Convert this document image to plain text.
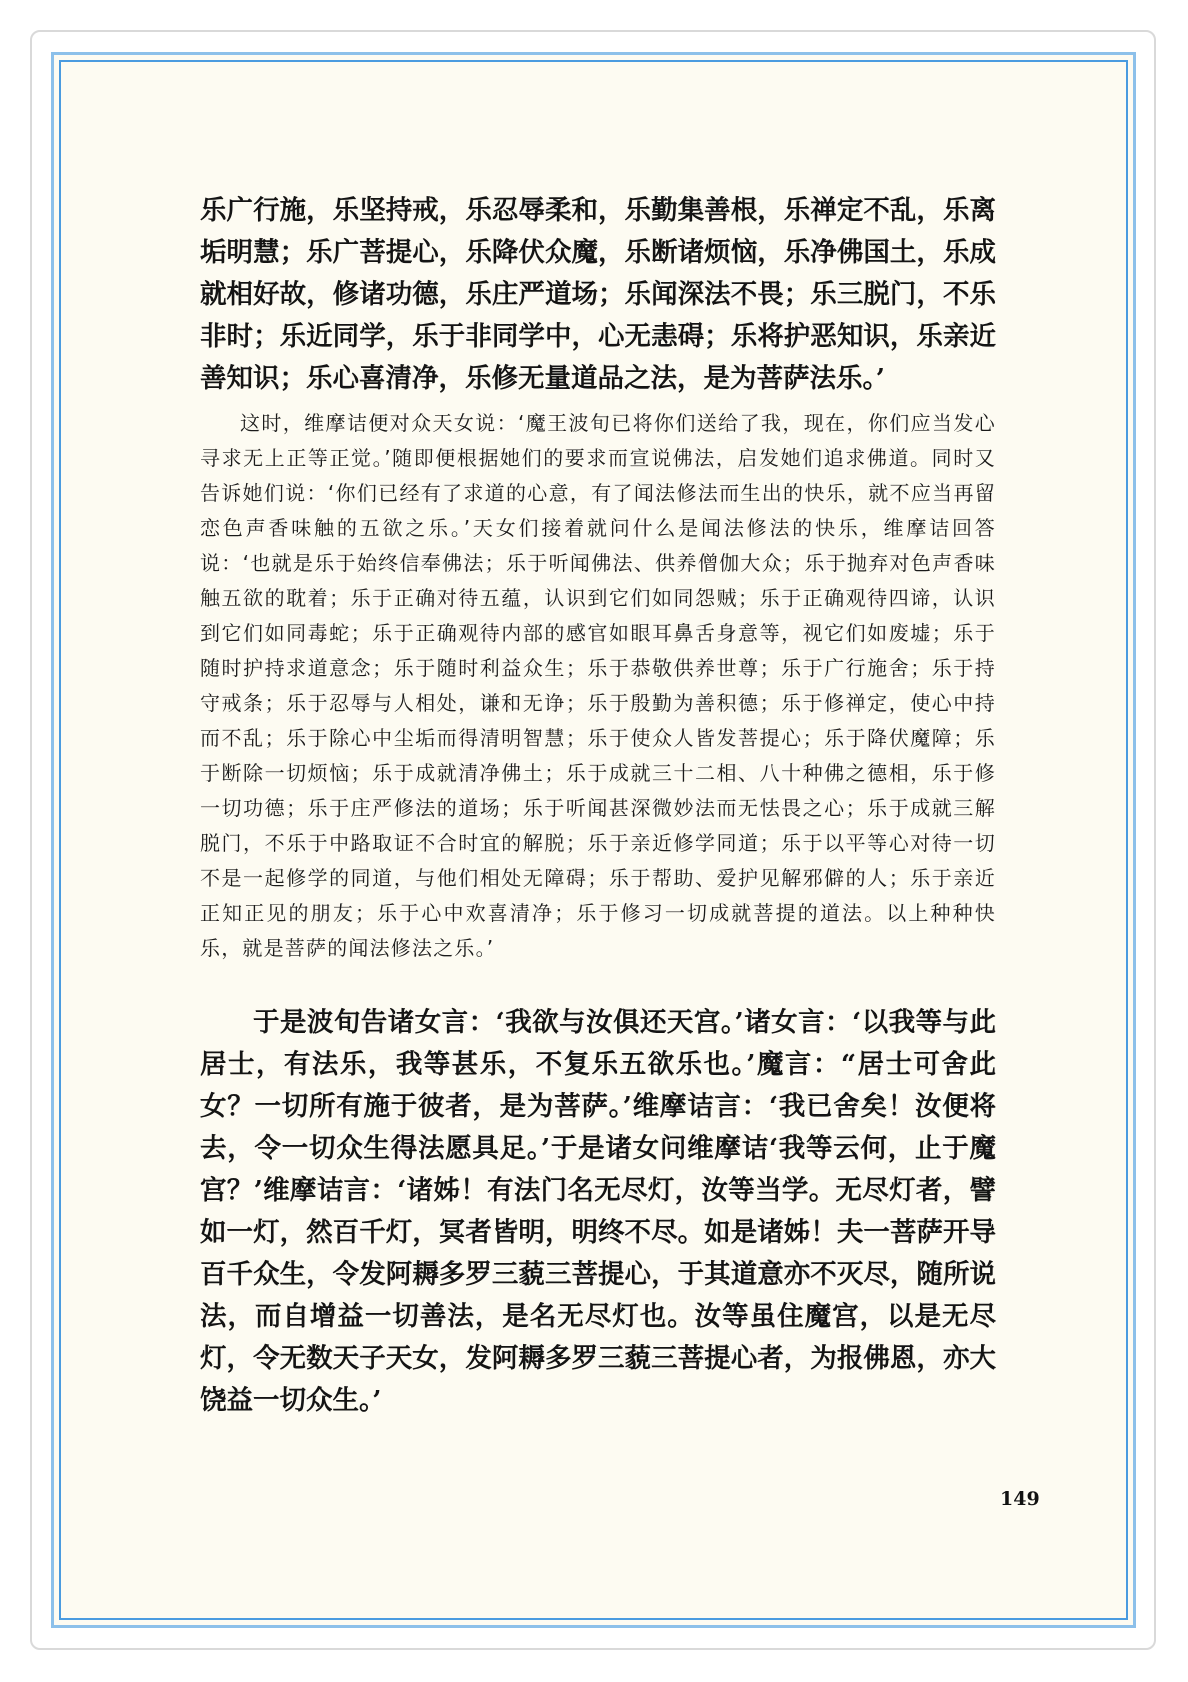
乐广行施，乐坚持戒，乐忍辱柔和，乐勤集善根，乐禅定不乱，乐离垢明慧；乐广菩提心，乐降伏众魔，乐断诸烦恼，乐净佛国土，乐成就相好故，修诸功德，乐庄严道场；乐闻深法不畏；乐三脱门，不乐非时；乐近同学，乐于非同学中，心无恚碍；乐将护恶知识，乐亲近善知识；乐心喜清净，乐修无量道品之法，是为菩萨法乐。’

这时，维摩诘便对众天女说：‘魔王波旬已将你们送给了我，现在，你们应当发心寻求无上正等正觉。’随即便根据她们的要求而宣说佛法，启发她们追求佛道。同时又告诉她们说：‘你们已经有了求道的心意，有了闻法修法而生出的快乐，就不应当再留恋色声香味触的五欲之乐。’天女们接着就问什么是闻法修法的快乐，维摩诘回答说：‘也就是乐于始终信奉佛法；乐于听闻佛法、供养僧伽大众；乐于抛弃对色声香味触五欲的耽着；乐于正确对待五蕴，认识到它们如同怨贼；乐于正确观待四谛，认识到它们如同毒蛇；乐于正确观待内部的感官如眼耳鼻舌身意等，视它们如废墟；乐于随时护持求道意念；乐于随时利益众生；乐于恭敬供养世尊；乐于广行施舍；乐于持守戒条；乐于忍辱与人相处，谦和无诤；乐于殷勤为善积德；乐于修禅定，使心中持而不乱；乐于除心中尘垢而得清明智慧；乐于使众人皆发菩提心；乐于降伏魔障；乐于断除一切烦恼；乐于成就清净佛土；乐于成就三十二相、八十种佛之德相，乐于修一切功德；乐于庄严修法的道场；乐于听闻甚深微妙法而无怯畏之心；乐于成就三解脱门，不乐于中路取证不合时宜的解脱；乐于亲近修学同道；乐于以平等心对待一切不是一起修学的同道，与他们相处无障碍；乐于帮助、爱护见解邪僻的人；乐于亲近正知正见的朋友；乐于心中欢喜清净；乐于修习一切成就菩提的道法。以上种种快乐，就是菩萨的闻法修法之乐。’

于是波旬告诸女言：‘我欲与汝俱还天宫。’诸女言：‘以我等与此居士，有法乐，我等甚乐，不复乐五欲乐也。’魔言：“居士可舍此女？一切所有施于彼者，是为菩萨。’维摩诘言：‘我已舍矣！汝便将去，令一切众生得法愿具足。’于是诸女问维摩诘‘我等云何，止于魔宫？’维摩诘言：‘诸姊！有法门名无尽灯，汝等当学。无尽灯者，譬如一灯，然百千灯，冥者皆明，明终不尽。如是诸姊！夫一菩萨开导百千众生，令发阿耨多罗三藐三菩提心，于其道意亦不灭尽，随所说法，而自增益一切善法，是名无尽灯也。汝等虽住魔宫，以是无尽灯，令无数天子天女，发阿耨多罗三藐三菩提心者，为报佛恩，亦大饶益一切众生。’

149
